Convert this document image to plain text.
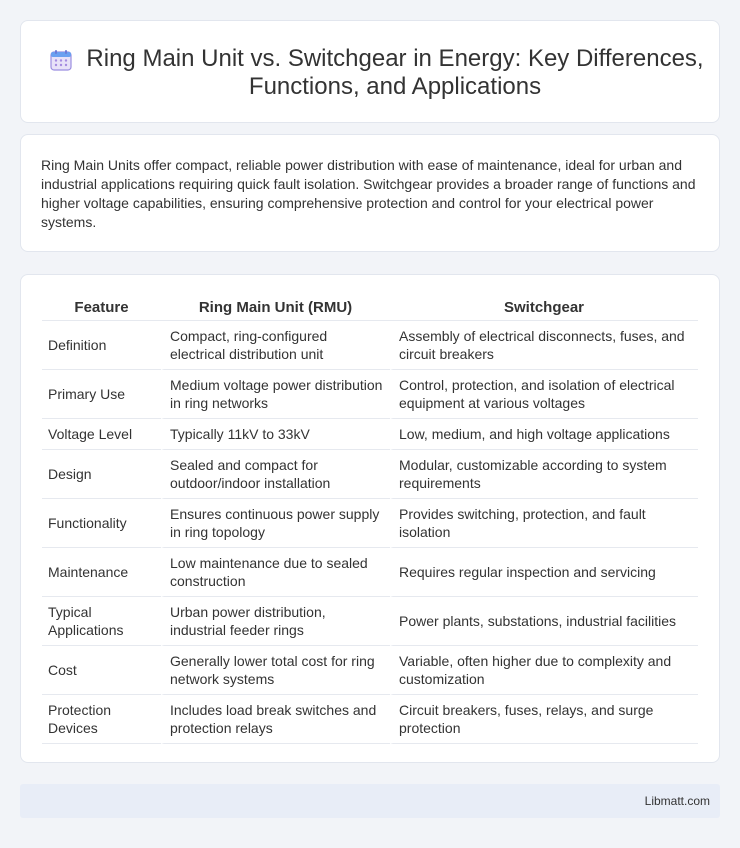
Ring Main Unit vs. Switchgear in Energy: Key Differences, Functions, and Applications

Ring Main Units offer compact, reliable power distribution with ease of maintenance, ideal for urban and industrial applications requiring quick fault isolation. Switchgear provides a broader range of functions and higher voltage capabilities, ensuring comprehensive protection and control for your electrical power systems.

Feature	Ring Main Unit (RMU)	Switchgear
Definition	Compact, ring-configured electrical distribution unit	Assembly of electrical disconnects, fuses, and circuit breakers
Primary Use	Medium voltage power distribution in ring networks	Control, protection, and isolation of electrical equipment at various voltages
Voltage Level	Typically 11kV to 33kV	Low, medium, and high voltage applications
Design	Sealed and compact for outdoor/indoor installation	Modular, customizable according to system requirements
Functionality	Ensures continuous power supply in ring topology	Provides switching, protection, and fault isolation
Maintenance	Low maintenance due to sealed construction	Requires regular inspection and servicing
Typical Applications	Urban power distribution, industrial feeder rings	Power plants, substations, industrial facilities
Cost	Generally lower total cost for ring network systems	Variable, often higher due to complexity and customization
Protection Devices	Includes load break switches and protection relays	Circuit breakers, fuses, relays, and surge protection
Libmatt.com
